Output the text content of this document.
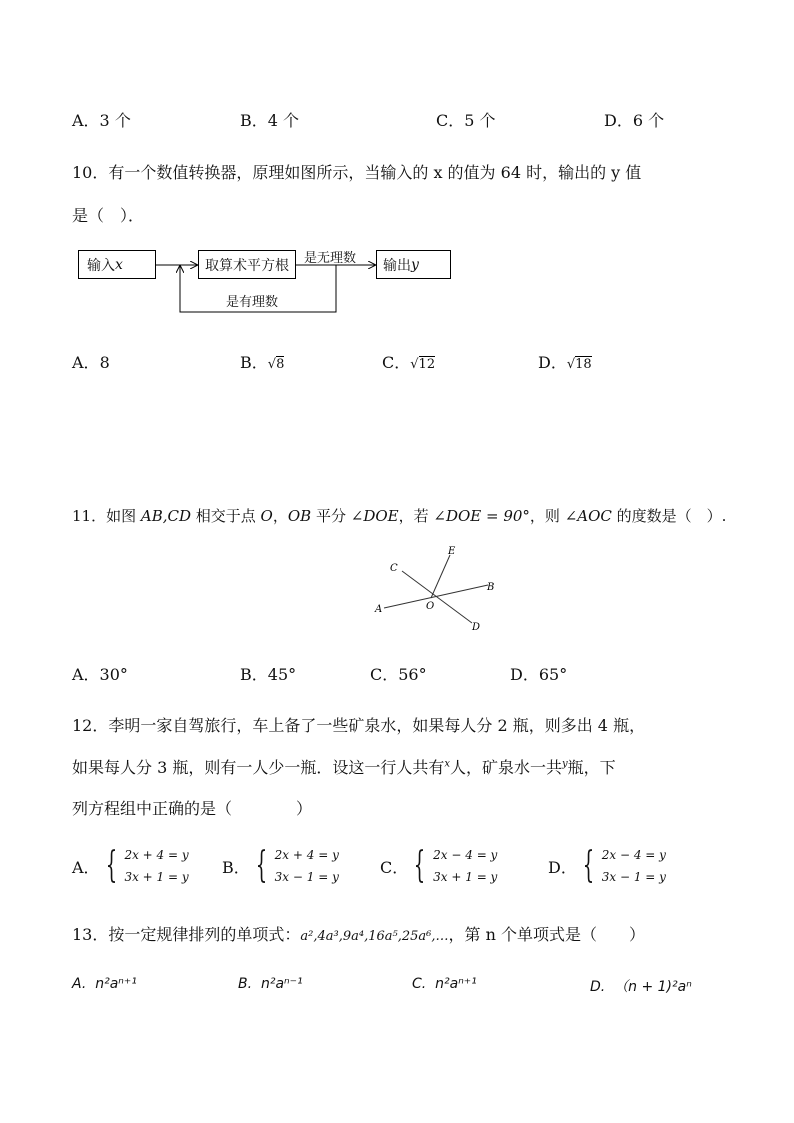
A．3 个	B．4 个	C．5 个	D．6 个
10．有一个数值转换器，原理如图所示，当输入的 x 的值为 64 时，输出的 y 值
是（　）．
输入 x	取算术平方根	输出 y
是无理数
是有理数
A．8	B．√8	C．√12	D．√18
11．如图 AB,CD 相交于点 O，OB 平分 ∠DOE，若 ∠DOE = 90°，则 ∠AOC 的度数是（　）.
A
B
C
D
E
O
A．30°	B．45°	C．56°	D．65°
12．李明一家自驾旅行，车上备了一些矿泉水，如果每人分 2 瓶，则多出 4 瓶，
如果每人分 3 瓶，则有一人少一瓶．设这一行人共有$^x$人，矿泉水一共$^y$瓶，下
列方程组中正确的是（　　　　）
A． { 2x + 4 = y
3x + 1 = y
B． { 2x + 4 = y
3x − 1 = y
C． { 2x − 4 = y
3x + 1 = y
D． { 2x − 4 = y
3x − 1 = y
13．按一定规律排列的单项式：a²,4a³,9a⁴,16a⁵,25a⁶,…，第 n 个单项式是（　　）
A. n²aⁿ⁺¹	B. n²aⁿ⁻¹	C. n²aⁿ⁺¹	D. （n + 1)²aⁿ
